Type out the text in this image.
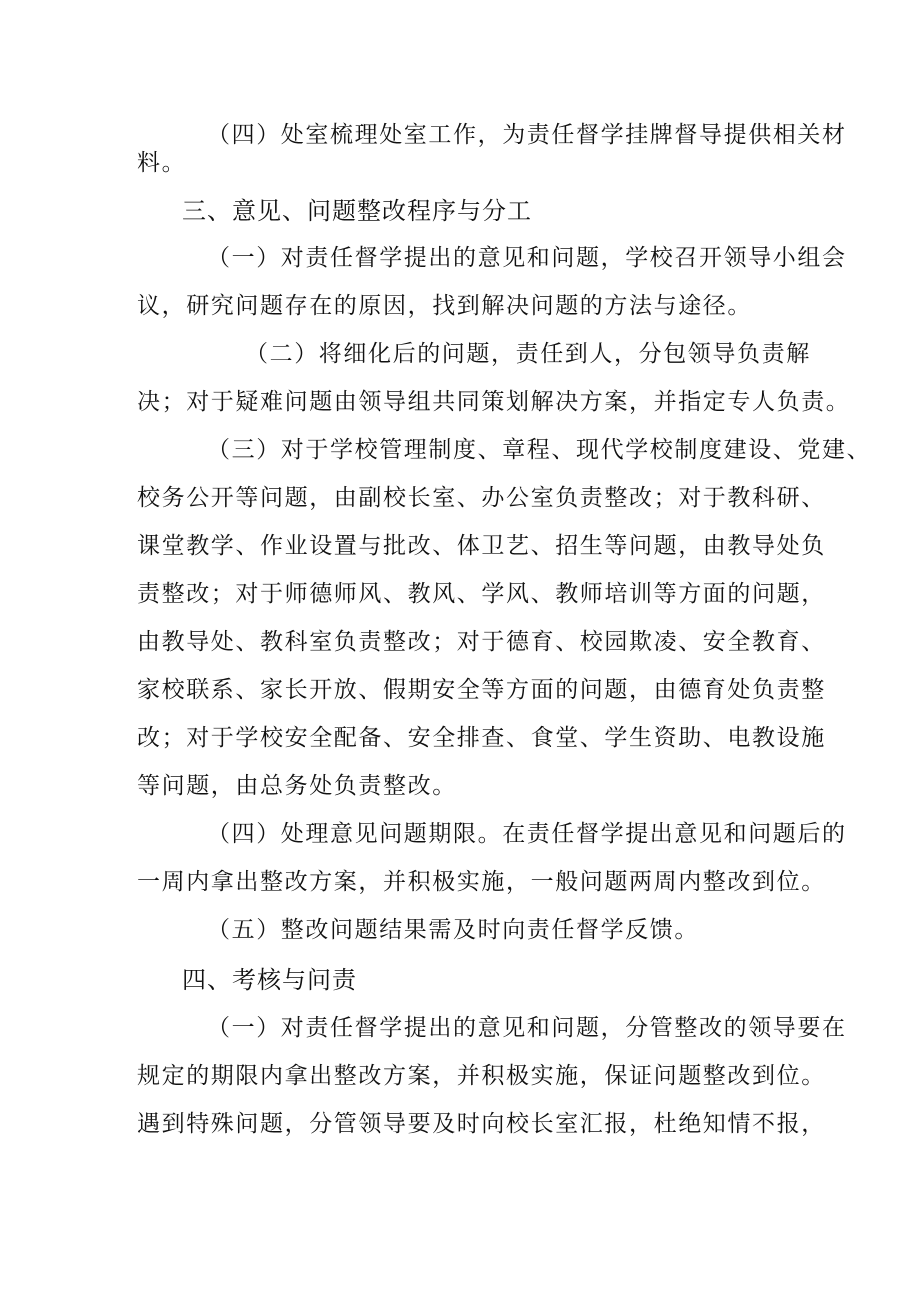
（四）处室梳理处室工作，为责任督学挂牌督导提供相关材

料。

三、意见、问题整改程序与分工

（一）对责任督学提出的意见和问题，学校召开领导小组会

议，研究问题存在的原因，找到解决问题的方法与途径。

（二）将细化后的问题，责任到人，分包领导负责解

决；对于疑难问题由领导组共同策划解决方案，并指定专人负责。

（三）对于学校管理制度、章程、现代学校制度建设、党建、

校务公开等问题，由副校长室、办公室负责整改；对于教科研、

课堂教学、作业设置与批改、体卫艺、招生等问题，由教导处负

责整改；对于师德师风、教风、学风、教师培训等方面的问题，

由教导处、教科室负责整改；对于德育、校园欺凌、安全教育、

家校联系、家长开放、假期安全等方面的问题，由德育处负责整

改；对于学校安全配备、安全排查、食堂、学生资助、电教设施

等问题，由总务处负责整改。

（四）处理意见问题期限。在责任督学提出意见和问题后的

一周内拿出整改方案，并积极实施，一般问题两周内整改到位。

（五）整改问题结果需及时向责任督学反馈。

四、考核与问责

（一）对责任督学提出的意见和问题，分管整改的领导要在

规定的期限内拿出整改方案，并积极实施，保证问题整改到位。

遇到特殊问题，分管领导要及时向校长室汇报，杜绝知情不报，
